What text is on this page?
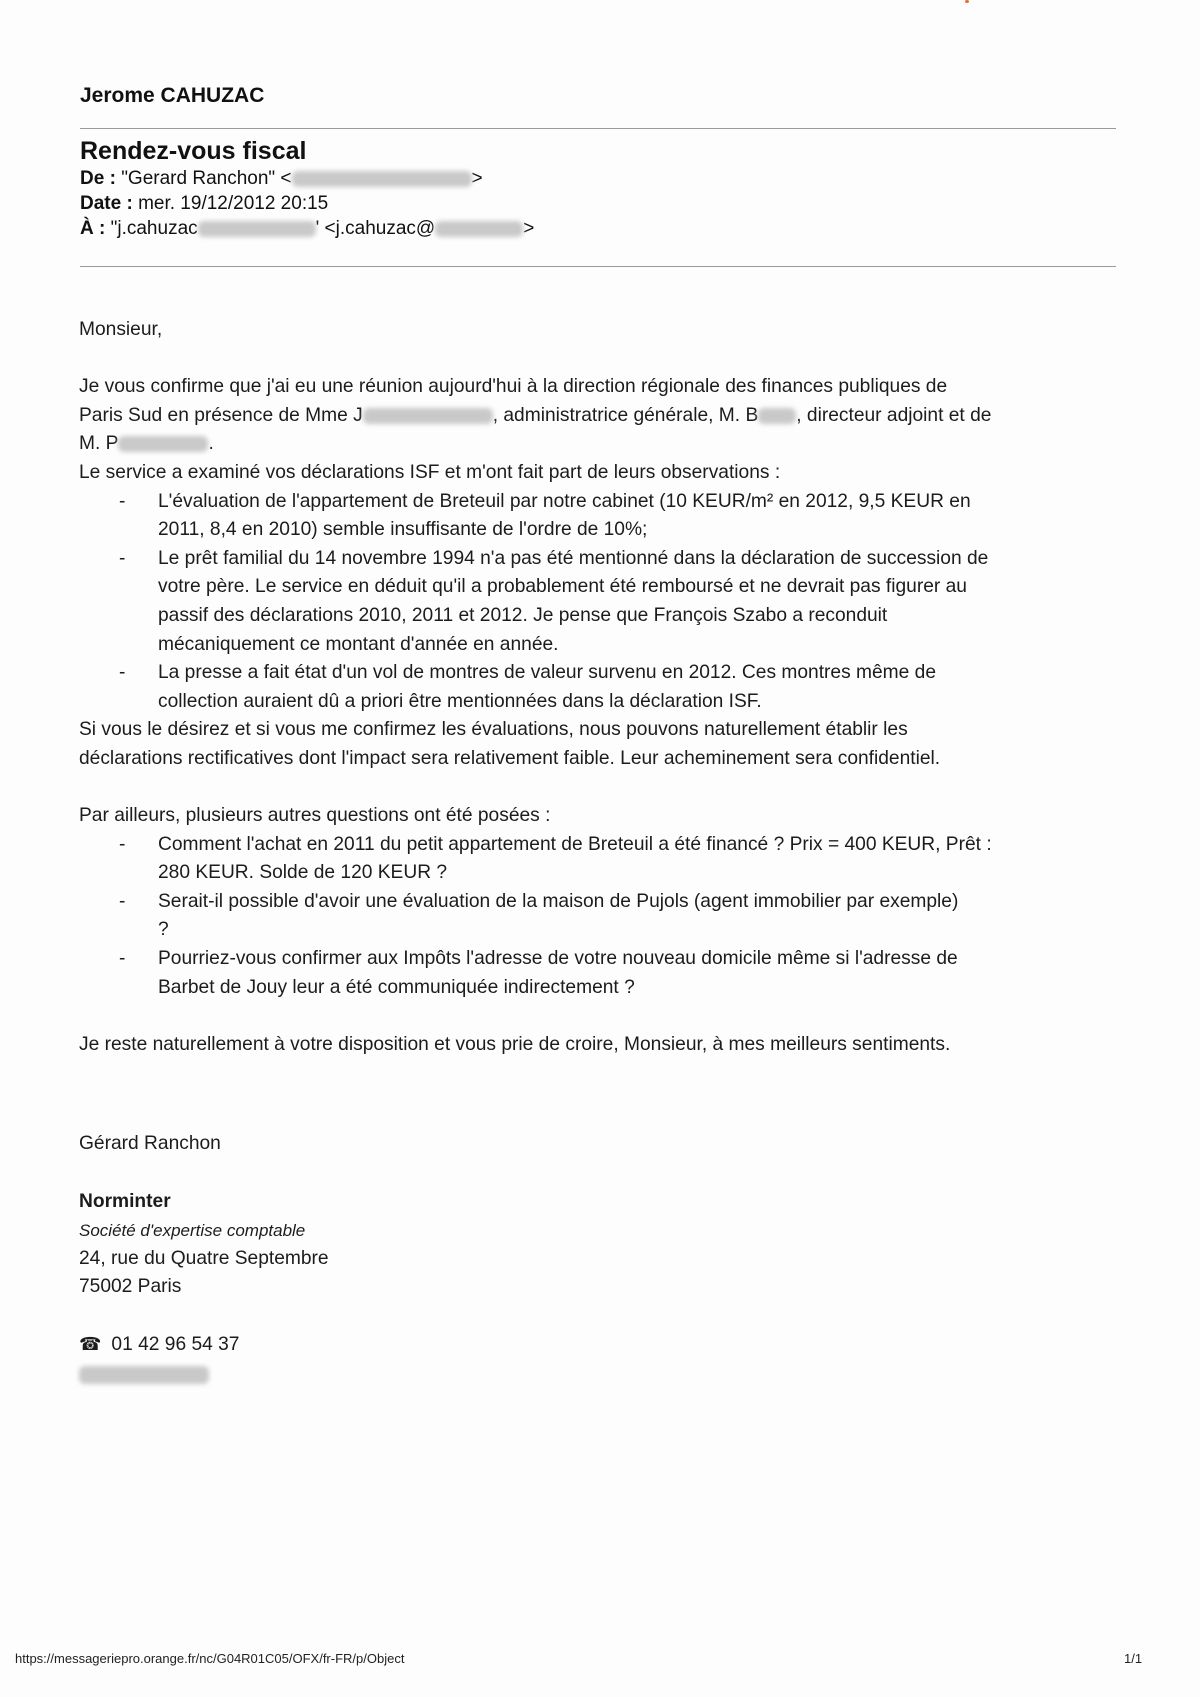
Jerome CAHUZAC
Rendez-vous fiscal
De : "Gerard Ranchon" <	>
Date : mer. 19/12/2012 20:15
À : "j.cahuzac	' <j.cahuzac@	>
Monsieur,
Je vous confirme que j'ai eu une réunion aujourd'hui à la direction régionale des finances publiques de
Paris Sud en présence de Mme J	, administratrice générale, M. B , directeur adjoint et de
M. P	.
Le service a examiné vos déclarations ISF et m'ont fait part de leurs observations :
- L'évaluation de l'appartement de Breteuil par notre cabinet (10 KEUR/m² en 2012, 9,5 KEUR en
2011, 8,4 en 2010) semble insuffisante de l'ordre de 10%;
- Le prêt familial du 14 novembre 1994 n'a pas été mentionné dans la déclaration de succession de
votre père. Le service en déduit qu'il a probablement été remboursé et ne devrait pas figurer au
passif des déclarations 2010, 2011 et 2012. Je pense que François Szabo a reconduit
mécaniquement ce montant d'année en année.
- La presse a fait état d'un vol de montres de valeur survenu en 2012. Ces montres même de
collection auraient dû a priori être mentionnées dans la déclaration ISF.
Si vous le désirez et si vous me confirmez les évaluations, nous pouvons naturellement établir les
déclarations rectificatives dont l'impact sera relativement faible. Leur acheminement sera confidentiel.
Par ailleurs, plusieurs autres questions ont été posées :
- Comment l'achat en 2011 du petit appartement de Breteuil a été financé ? Prix = 400 KEUR, Prêt :
280 KEUR. Solde de 120 KEUR ?
- Serait-il possible d'avoir une évaluation de la maison de Pujols (agent immobilier par exemple)
?
- Pourriez-vous confirmer aux Impôts l'adresse de votre nouveau domicile même si l'adresse de
Barbet de Jouy leur a été communiquée indirectement ?
Je reste naturellement à votre disposition et vous prie de croire, Monsieur, à mes meilleurs sentiments.
Gérard Ranchon
Norminter
Société d'expertise comptable
24, rue du Quatre Septembre
75002 Paris
☎ 01 42 96 54 37
https://messageriepro.orange.fr/nc/G04R01C05/OFX/fr-FR/p/Object	1/1
